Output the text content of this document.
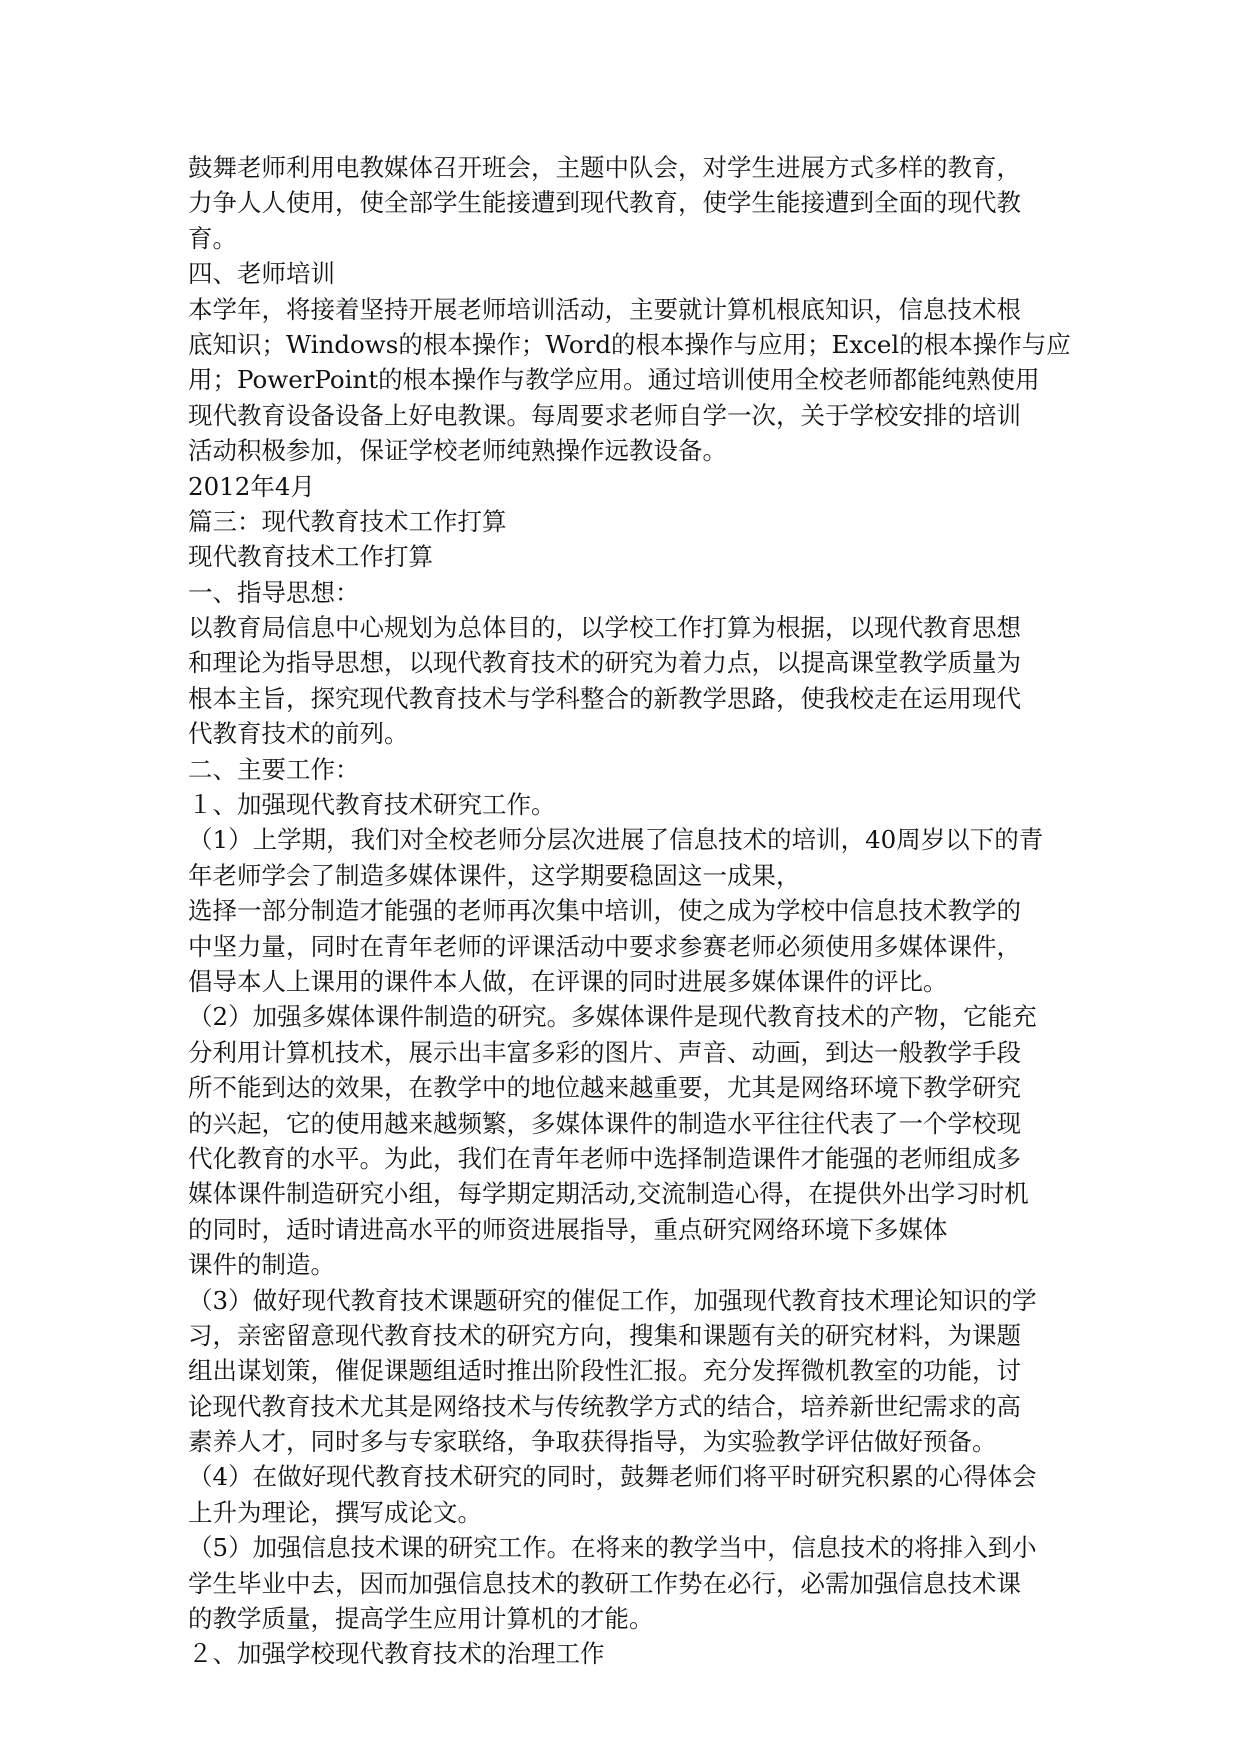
鼓舞老师利用电教媒体召开班会，主题中队会，对学生进展方式多样的教育，
力争人人使用，使全部学生能接遭到现代教育，使学生能接遭到全面的现代教
育。
四、老师培训
本学年，将接着坚持开展老师培训活动，主要就计算机根底知识，信息技术根
底知识；Windows的根本操作；Word的根本操作与应用；Excel的根本操作与应
用；PowerPoint的根本操作与教学应用。通过培训使用全校老师都能纯熟使用
现代教育设备设备上好电教课。每周要求老师自学一次，关于学校安排的培训
活动积极参加，保证学校老师纯熟操作远教设备。
2012年4月
篇三：现代教育技术工作打算
现代教育技术工作打算
一、指导思想：
以教育局信息中心规划为总体目的，以学校工作打算为根据，以现代教育思想
和理论为指导思想，以现代教育技术的研究为着力点，以提高课堂教学质量为
根本主旨，探究现代教育技术与学科整合的新教学思路，使我校走在运用现代
代教育技术的前列。
二、主要工作：
１、加强现代教育技术研究工作。
（1）上学期，我们对全校老师分层次进展了信息技术的培训，40周岁以下的青
年老师学会了制造多媒体课件，这学期要稳固这一成果，
选择一部分制造才能强的老师再次集中培训，使之成为学校中信息技术教学的
中坚力量，同时在青年老师的评课活动中要求参赛老师必须使用多媒体课件，
倡导本人上课用的课件本人做，在评课的同时进展多媒体课件的评比。
（2）加强多媒体课件制造的研究。多媒体课件是现代教育技术的产物，它能充
分利用计算机技术，展示出丰富多彩的图片、声音、动画，到达一般教学手段
所不能到达的效果，在教学中的地位越来越重要，尤其是网络环境下教学研究
的兴起，它的使用越来越频繁，多媒体课件的制造水平往往代表了一个学校现
代化教育的水平。为此，我们在青年老师中选择制造课件才能强的老师组成多
媒体课件制造研究小组，每学期定期活动,交流制造心得，在提供外出学习时机
的同时，适时请进高水平的师资进展指导，重点研究网络环境下多媒体
课件的制造。
（3）做好现代教育技术课题研究的催促工作，加强现代教育技术理论知识的学
习，亲密留意现代教育技术的研究方向，搜集和课题有关的研究材料，为课题
组出谋划策，催促课题组适时推出阶段性汇报。充分发挥微机教室的功能，讨
论现代教育技术尤其是网络技术与传统教学方式的结合，培养新世纪需求的高
素养人才，同时多与专家联络，争取获得指导，为实验教学评估做好预备。
（4）在做好现代教育技术研究的同时，鼓舞老师们将平时研究积累的心得体会
上升为理论，撰写成论文。
（5）加强信息技术课的研究工作。在将来的教学当中，信息技术的将排入到小
学生毕业中去，因而加强信息技术的教研工作势在必行，必需加强信息技术课
的教学质量，提高学生应用计算机的才能。
２、加强学校现代教育技术的治理工作
